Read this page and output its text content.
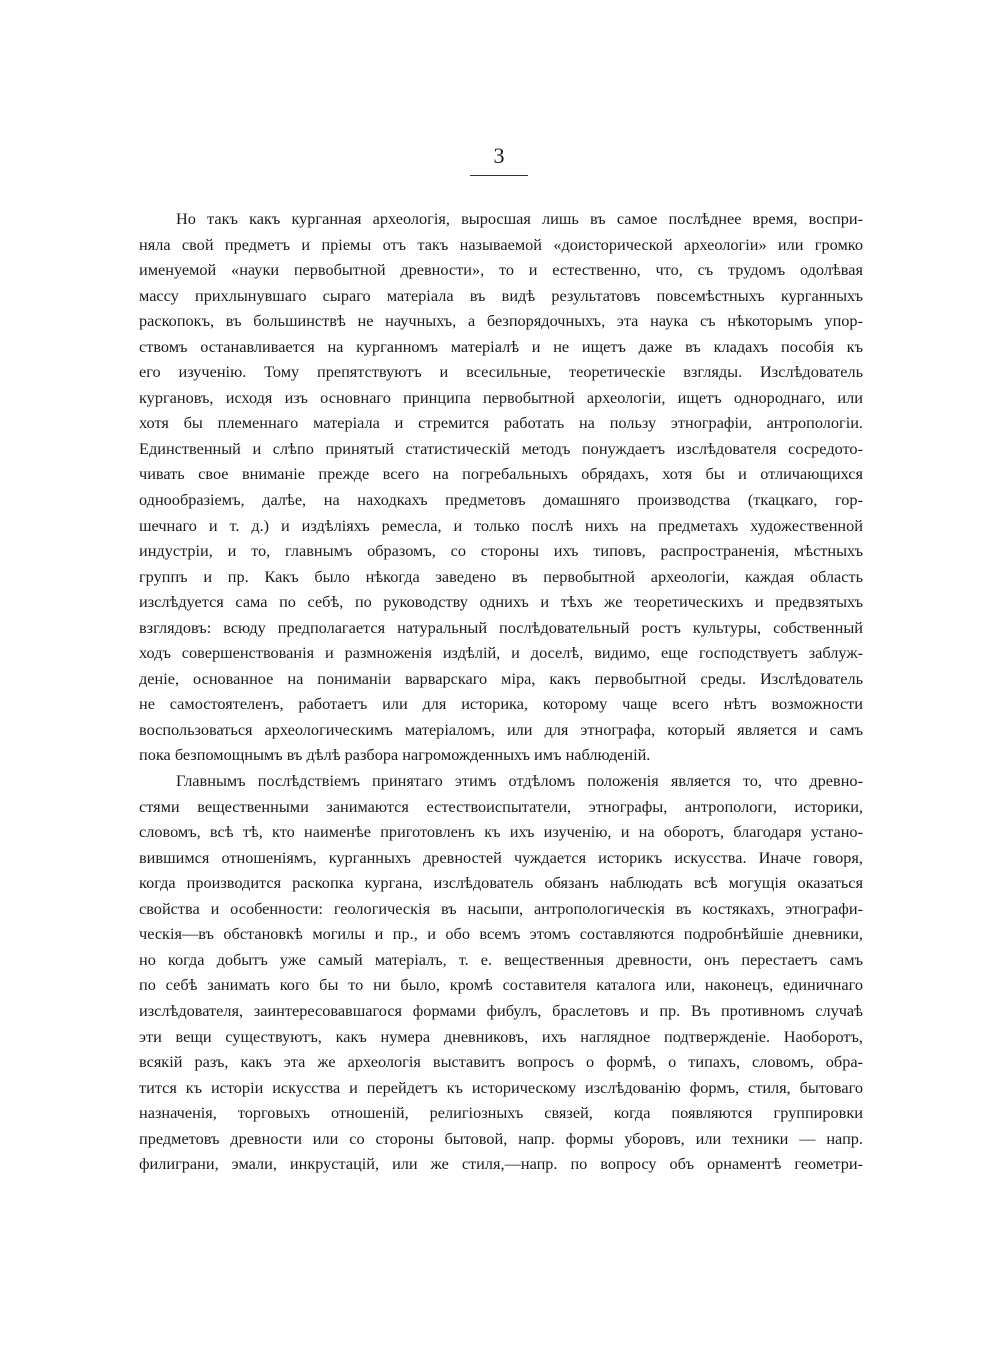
3
Но такъ какъ курганная археологія, выросшая лишь въ самое послѣднее время, воспри-
няла свой предметъ и пріемы отъ такъ называемой «доисторической археологіи» или громко
именуемой «науки первобытной древности», то и естественно, что, съ трудомъ одолѣвая
массу прихлынувшаго сыраго матеріала въ видѣ результатовъ повсемѣстныхъ курганныхъ
раскопокъ, въ большинствѣ не научныхъ, а безпорядочныхъ, эта наука съ нѣкоторымъ упор-
ствомъ останавливается на курганномъ матеріалѣ и не ищетъ даже въ кладахъ пособія къ
его изученію. Тому препятствуютъ и всесильные, теоретическіе взгляды. Изслѣдователь
кургановъ, исходя изъ основнаго принципа первобытной археологіи, ищетъ однороднаго, или
хотя бы племеннаго матеріала и стремится работать на пользу этнографіи, антропологіи.
Единственный и слѣпо принятый статистическій методъ понуждаетъ изслѣдователя сосредото-
чивать свое вниманіе прежде всего на погребальныхъ обрядахъ, хотя бы и отличающихся
однообразіемъ, далѣе, на находкахъ предметовъ домашняго производства (ткацкаго, гор-
шечнаго и т. д.) и издѣліяхъ ремесла, и только послѣ нихъ на предметахъ художественной
индустріи, и то, главнымъ образомъ, со стороны ихъ типовъ, распространенія, мѣстныхъ
группъ и пр. Какъ было нѣкогда заведено въ первобытной археологіи, каждая область
изслѣдуется сама по себѣ, по руководству однихъ и тѣхъ же теоретическихъ и предвзятыхъ
взглядовъ: всюду предполагается натуральный послѣдовательный ростъ культуры, собственный
ходъ совершенствованія и размноженія издѣлій, и доселѣ, видимо, еще господствуетъ заблуж-
деніе, основанное на пониманіи варварскаго міра, какъ первобытной среды. Изслѣдователь
не самостоятеленъ, работаетъ или для историка, которому чаще всего нѣтъ возможности
воспользоваться археологическимъ матеріаломъ, или для этнографа, который является и самъ
пока безпомощнымъ въ дѣлѣ разбора нагроможденныхъ имъ наблюденій.
Главнымъ послѣдствіемъ принятаго этимъ отдѣломъ положенія является то, что древно-
стями вещественными занимаются естествоиспытатели, этнографы, антропологи, историки,
словомъ, всѣ тѣ, кто наименѣе приготовленъ къ ихъ изученію, и на оборотъ, благодаря устано-
вившимся отношеніямъ, курганныхъ древностей чуждается историкъ искусства. Иначе говоря,
когда производится раскопка кургана, изслѣдователь обязанъ наблюдать всѣ могущія оказаться
свойства и особенности: геологическія въ насыпи, антропологическія въ костякахъ, этнографи-
ческія—въ обстановкѣ могилы и пр., и обо всемъ этомъ составляются подробнѣйшіе дневники,
но когда добытъ уже самый матеріалъ, т. е. вещественныя древности, онъ перестаетъ самъ
по себѣ занимать кого бы то ни было, кромѣ составителя каталога или, наконецъ, единичнаго
изслѣдователя, заинтересовавшагося формами фибулъ, браслетовъ и пр. Въ противномъ случаѣ
эти вещи существуютъ, какъ нумера дневниковъ, ихъ наглядное подтвержденіе. Наоборотъ,
всякій разъ, какъ эта же археологія выставитъ вопросъ о формѣ, о типахъ, словомъ, обра-
тится къ исторіи искусства и перейдетъ къ историческому изслѣдованію формъ, стиля, бытоваго
назначенія, торговыхъ отношеній, религіозныхъ связей, когда появляются группировки
предметовъ древности или со стороны бытовой, напр. формы уборовъ, или техники — напр.
филиграни, эмали, инкрустацій, или же стиля,—напр. по вопросу объ орнаментѣ геометри-
